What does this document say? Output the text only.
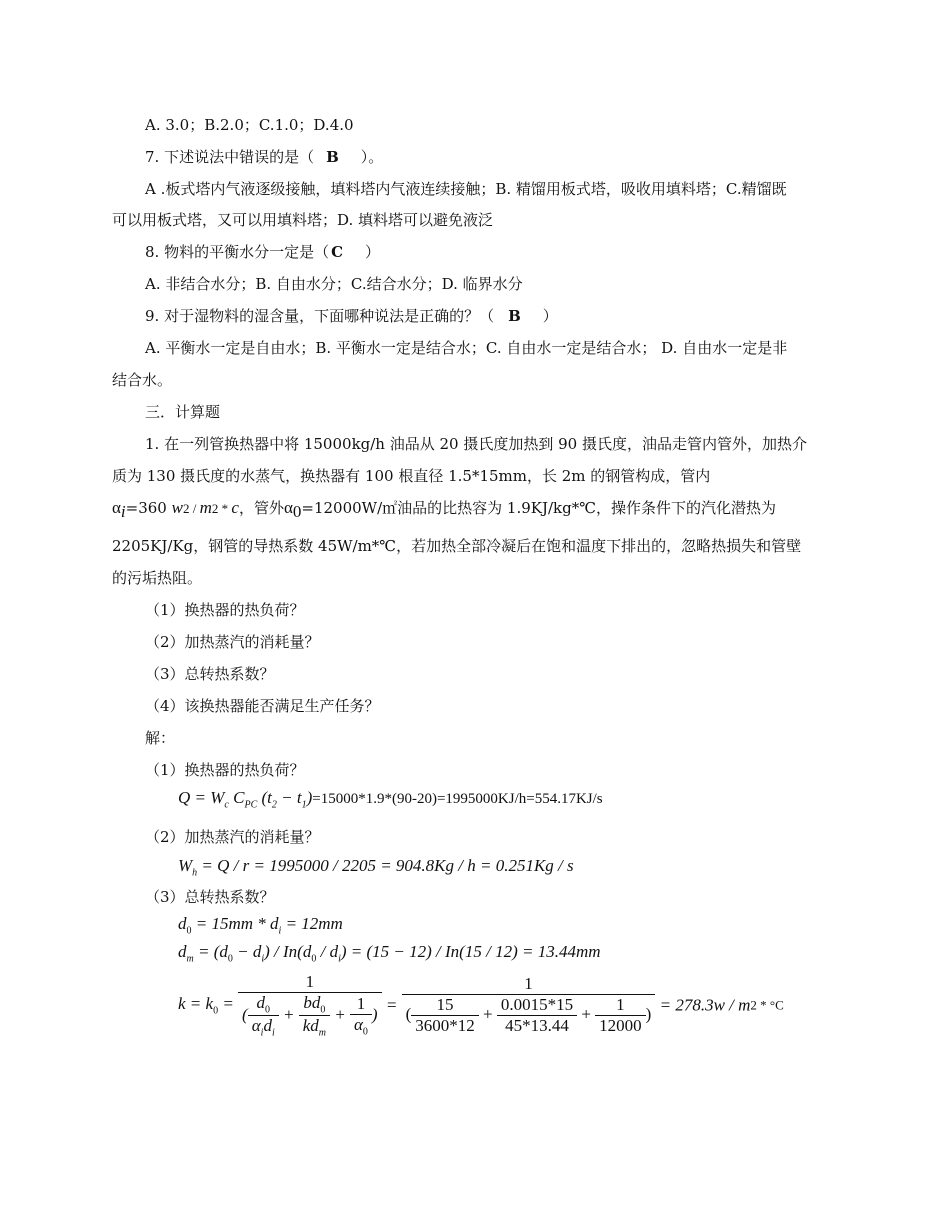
A. 3.0；B.2.0；C.1.0；D.4.0
7. 下述说法中错误的是（ B ）。
A .板式塔内气液逐级接触，填料塔内气液连续接触；B. 精馏用板式塔，吸收用填料塔；C.精馏既
可以用板式塔，又可以用填料塔；D. 填料塔可以避免液泛
8. 物料的平衡水分一定是（ C ）
A. 非结合水分；B. 自由水分；C.结合水分；D. 临界水分
9. 对于湿物料的湿含量，下面哪种说法是正确的？（ B ）
A. 平衡水一定是自由水；B. 平衡水一定是结合水；C. 自由水一定是结合水； D. 自由水一定是非
结合水。
三．计算题
1. 在一列管换热器中将 15000kg/h 油品从 20 摄氏度加热到 90 摄氏度，油品走管内管外，加热介
质为 130 摄氏度的水蒸气，换热器有 100 根直径 1.5*15mm，长 2m 的钢管构成，管内
$\alpha_i=360$ w2 / m2 * c，管外$\alpha_0=12000W/㎡$油品的比热容为 1.9KJ/kg*℃，操作条件下的汽化潜热为
2205KJ/Kg，钢管的导热系数 45W/m*℃，若加热全部冷凝后在饱和温度下排出的，忽略热损失和管壁
的污垢热阻。
（1）换热器的热负荷？
（2）加热蒸汽的消耗量？
（3）总转热系数？
（4）该换热器能否满足生产任务？
解：
（1）换热器的热负荷？
$Q = W_c$ $C_{PC}$ $(t_2 - t_1)=15000*1.9*(90-20)=1995000KJ/h=554.17KJ/s$
（2）加热蒸汽的消耗量？
$W_h = Q / r = 1995000 / 2205 = 904.8Kg / h = 0.251Kg / s$
（3）总转热系数？
$d_0 = 15mm * d_i = 12mm$
$d_m = (d_0 - d_i) / In(d_0 / d_i) = (15 - 12) / In(15 / 12) = 13.44mm$
$k = k_0 = \frac{1}{( \frac{d_0}{\alpha_id_i} + \frac{bd_0}{kd_m} + \frac{1}{\alpha_0} )} = \frac{1}{( \frac{15}{3600*12} + \frac{0.0015*15}{45*13.44} + \frac{1}{12000} )} = 278.3w / m2 * ^\circ C$
